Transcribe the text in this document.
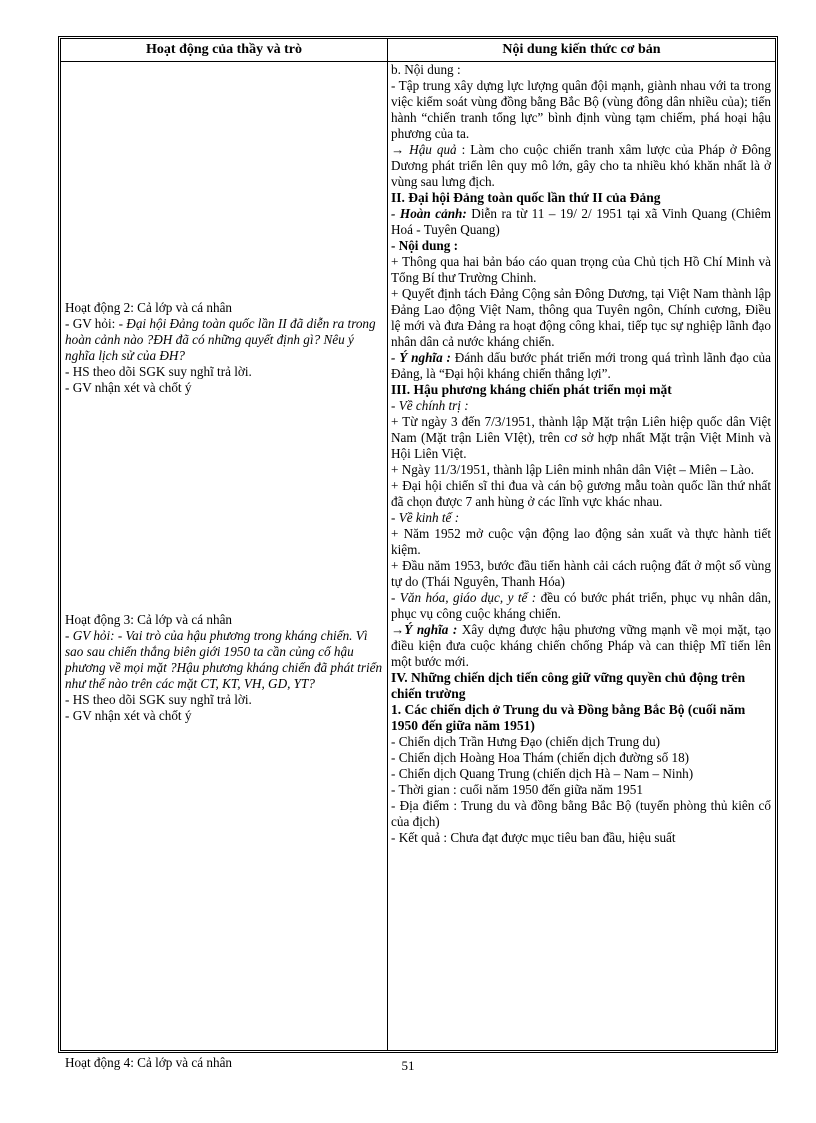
Hoạt động của thầy và trò	Nội dung kiến thức cơ bản
Hoạt động 2: Cả lớp và cá nhân
- GV hỏi: - Đại hội Đảng toàn quốc lần II đã diễn ra trong hoàn cảnh nào ?ĐH đã có những quyết định gì? Nêu ý nghĩa lịch sử của ĐH?
- HS theo dõi SGK suy nghĩ trả lời.
- GV nhận xét và chốt ý
Hoạt động 3: Cả lớp và cá nhân
- GV hỏi: - Vai trò của hậu phương trong kháng chiến. Vì sao sau chiến thắng biên giới 1950 ta cần củng cố hậu phương về mọi mặt ?Hậu phương kháng chiến đã phát triển như thế nào trên các mặt CT, KT, VH, GD, YT?
- HS theo dõi SGK suy nghĩ trả lời.
- GV nhận xét và chốt ý
Hoạt động 4: Cả lớp và cá nhân
b. Nội dung :
- Tập trung xây dựng lực lượng quân đội mạnh, giành nhau với ta trong việc kiểm soát vùng đồng bằng Bắc Bộ (vùng đông dân nhiều của); tiến hành “chiến tranh tổng lực” bình định vùng tạm chiếm, phá hoại hậu phương của ta.
→ Hậu quả : Làm cho cuộc chiến tranh xâm lược của Pháp ở Đông Dương phát triển lên quy mô lớn, gây cho ta nhiều khó khăn nhất là ở vùng sau lưng địch.
II. Đại hội Đảng toàn quốc lần thứ II của Đảng
- Hoàn cảnh: Diễn ra từ 11 – 19/ 2/ 1951 tại xã Vinh Quang (Chiêm Hoá - Tuyên Quang)
- Nội dung :
+ Thông qua hai bản báo cáo quan trọng của Chủ tịch Hồ Chí Minh và Tổng Bí thư Trường Chinh.
+ Quyết định tách Đảng Cộng sản Đông Dương, tại Việt Nam thành lập Đảng Lao động Việt Nam, thông qua Tuyên ngôn, Chính cương, Điều lệ mới và đưa Đảng ra hoạt động công khai, tiếp tục sự nghiệp lãnh đạo nhân dân cả nước kháng chiến.
- Ý nghĩa : Đánh dấu bước phát triển mới trong quá trình lãnh đạo của Đảng, là “Đại hội kháng chiến thắng lợi”.
III. Hậu phương kháng chiến phát triển mọi mặt
- Về chính trị :
+ Từ ngày 3 đến 7/3/1951, thành lập Mặt trận Liên hiệp quốc dân Việt Nam (Mặt trận Liên VIệt), trên cơ sở hợp nhất Mặt trận Việt Minh và Hội Liên Việt.
+ Ngày 11/3/1951, thành lập Liên minh nhân dân Việt – Miên – Lào.
+ Đại hội chiến sĩ thi đua và cán bộ gương mẫu toàn quốc lần thứ nhất đã chọn được 7 anh hùng ở các lĩnh vực khác nhau.
- Về kinh tế :
+ Năm 1952 mở cuộc vận động lao động sản xuất và thực hành tiết kiệm.
+ Đầu năm 1953, bước đầu tiến hành cải cách ruộng đất ở một số vùng tự do (Thái Nguyên, Thanh Hóa)
- Văn hóa, giáo dục, y tế : đều có bước phát triển, phục vụ nhân dân, phục vụ công cuộc kháng chiến.
→Ý nghĩa : Xây dựng được hậu phương vững mạnh về mọi mặt, tạo điều kiện đưa cuộc kháng chiến chống Pháp và can thiệp Mĩ tiến lên một bước mới.
IV. Những chiến dịch tiến công giữ vững quyền chủ động trên chiến trường
1. Các chiến dịch ở Trung du và Đồng bằng Bắc Bộ (cuối năm 1950 đến giữa năm 1951)
- Chiến dịch Trần Hưng Đạo (chiến dịch Trung du)
- Chiến dịch Hoàng Hoa Thám (chiến dịch đường số 18)
- Chiến dịch Quang Trung (chiến dịch Hà – Nam – Ninh)
- Thời gian : cuối năm 1950 đến giữa năm 1951
- Địa điểm : Trung du và đồng bằng Bắc Bộ (tuyến phòng thủ kiên cố của địch)
- Kết quả : Chưa đạt được mục tiêu ban đầu, hiệu suất
51
